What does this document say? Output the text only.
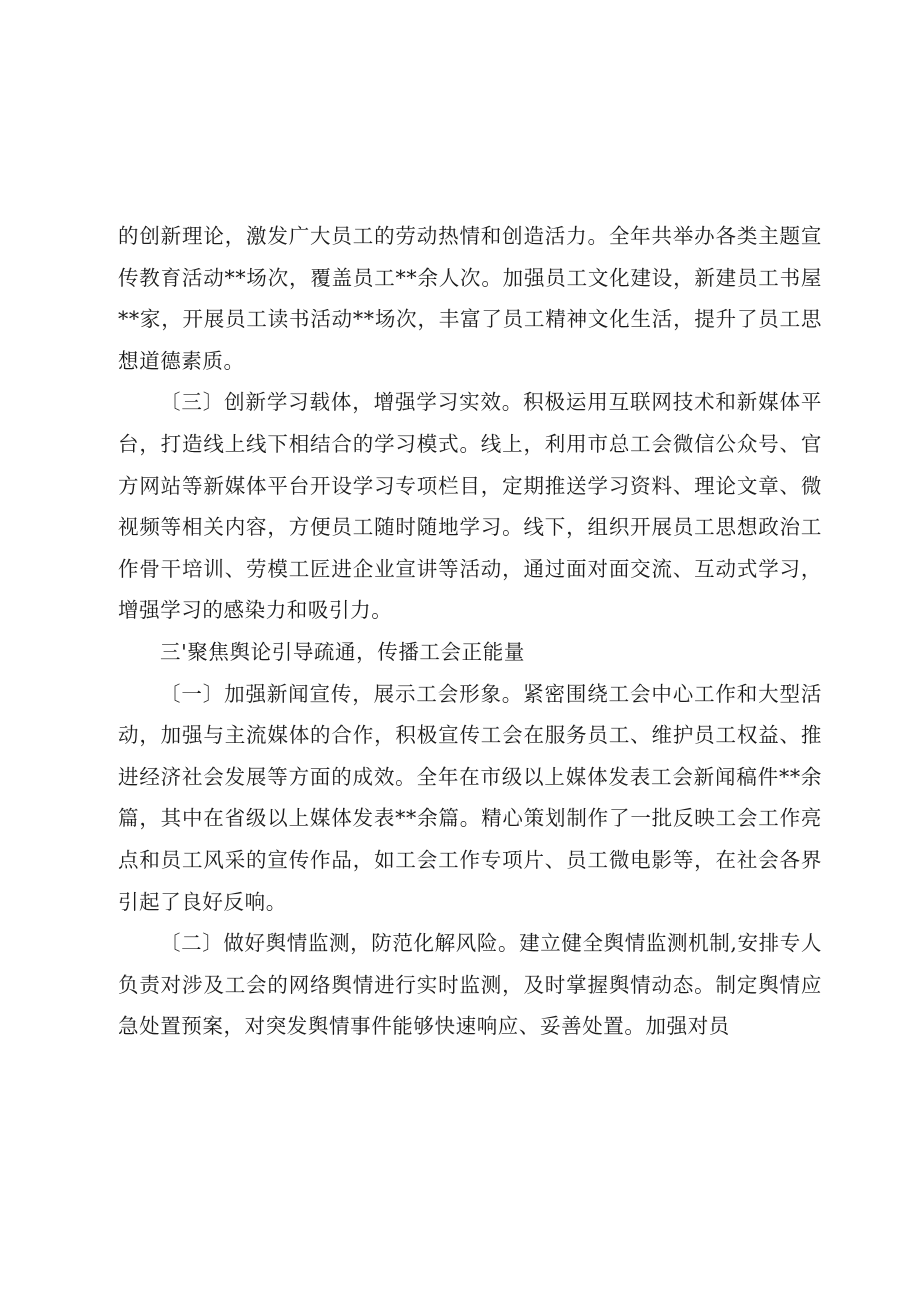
的创新理论，激发广大员工的劳动热情和创造活力。全年共举办各类主题宣传教育活动**场次，覆盖员工**余人次。加强员工文化建设，新建员工书屋**家，开展员工读书活动**场次，丰富了员工精神文化生活，提升了员工思想道德素质。

〔三〕创新学习载体，增强学习实效。积极运用互联网技术和新媒体平台，打造线上线下相结合的学习模式。线上，利用市总工会微信公众号、官方网站等新媒体平台开设学习专项栏目，定期推送学习资料、理论文章、微视频等相关内容，方便员工随时随地学习。线下，组织开展员工思想政治工作骨干培训、劳模工匠进企业宣讲等活动，通过面对面交流、互动式学习，增强学习的感染力和吸引力。

三'聚焦舆论引导疏通，传播工会正能量

〔一〕加强新闻宣传，展示工会形象。紧密围绕工会中心工作和大型活动，加强与主流媒体的合作，积极宣传工会在服务员工、维护员工权益、推进经济社会发展等方面的成效。全年在市级以上媒体发表工会新闻稿件**余篇，其中在省级以上媒体发表**余篇。精心策划制作了一批反映工会工作亮点和员工风采的宣传作品，如工会工作专项片、员工微电影等，在社会各界引起了良好反响。

〔二〕做好舆情监测，防范化解风险。建立健全舆情监测机制,安排专人负责对涉及工会的网络舆情进行实时监测，及时掌握舆情动态。制定舆情应急处置预案，对突发舆情事件能够快速响应、妥善处置。加强对员
